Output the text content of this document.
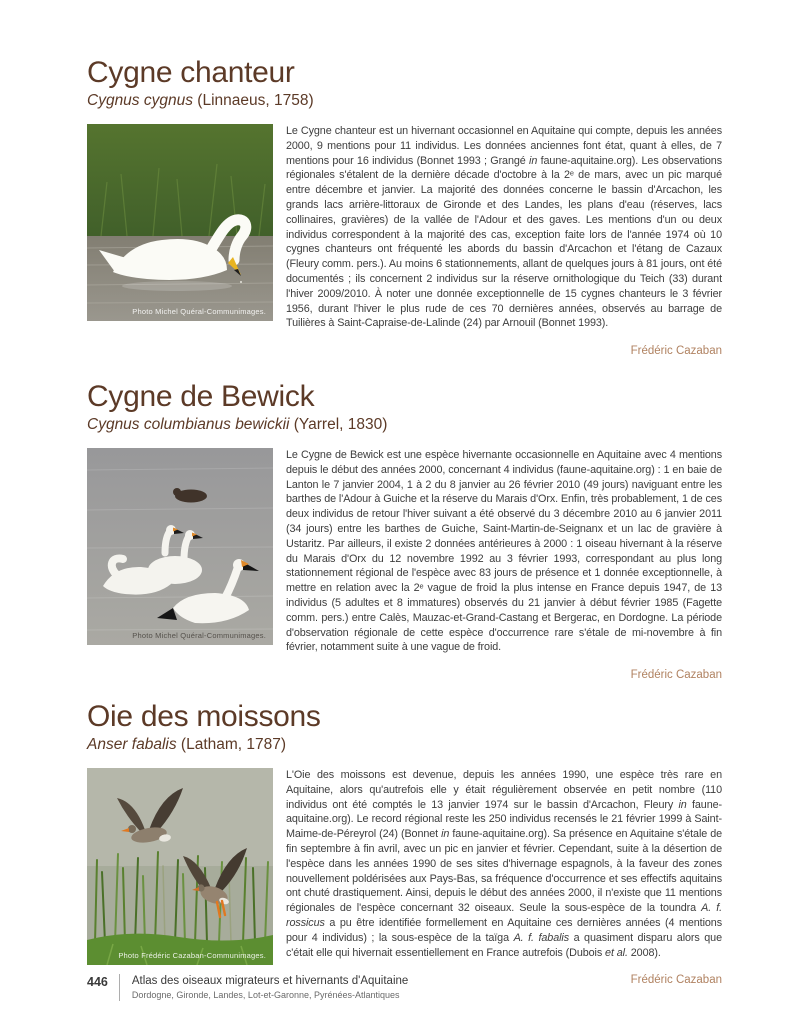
Cygne chanteur

Cygnus cygnus (Linnaeus, 1758)

Photo Michel Quéral-Communimages.

Le Cygne chanteur est un hivernant occasionnel en Aquitaine qui compte, depuis les années 2000, 9 mentions pour 11 individus. Les données anciennes font état, quant à elles, de 7 mentions pour 16 individus (Bonnet 1993 ; Grangé in faune-aquitaine.org). Les observations régionales s'étalent de la dernière décade d'octobre à la 2ᵉ de mars, avec un pic marqué entre décembre et janvier. La majorité des données concerne le bassin d'Arcachon, les grands lacs arrière-littoraux de Gironde et des Landes, les plans d'eau (réserves, lacs collinaires, gravières) de la vallée de l'Adour et des gaves. Les mentions d'un ou deux individus correspondent à la majorité des cas, exception faite lors de l'année 1974 où 10 cygnes chanteurs ont fréquenté les abords du bassin d'Arcachon et l'étang de Cazaux (Fleury comm. pers.). Au moins 6 stationnements, allant de quelques jours à 81 jours, ont été documentés ; ils concernent 2 individus sur la réserve ornithologique du Teich (33) durant l'hiver 2009/2010. À noter une donnée exceptionnelle de 15 cygnes chanteurs le 3 février 1956, durant l'hiver le plus rude de ces 70 dernières années, observés au barrage de Tuilières à Saint-Capraise-de-Lalinde (24) par Arnouil (Bonnet 1993).

Frédéric Cazaban
Cygne de Bewick

Cygnus columbianus bewickii (Yarrel, 1830)

Photo Michel Quéral-Communimages.

Le Cygne de Bewick est une espèce hivernante occasionnelle en Aquitaine avec 4 mentions depuis le début des années 2000, concernant 4 individus (faune-aquitaine.org) : 1 en baie de Lanton le 7 janvier 2004, 1 à 2 du 8 janvier au 26 février 2010 (49 jours) naviguant entre les barthes de l'Adour à Guiche et la réserve du Marais d'Orx. Enfin, très probablement, 1 de ces deux individus de retour l'hiver suivant a été observé du 3 décembre 2010 au 6 janvier 2011 (34 jours) entre les barthes de Guiche, Saint-Martin-de-Seignanx et un lac de gravière à Ustaritz. Par ailleurs, il existe 2 données antérieures à 2000 : 1 oiseau hivernant à la réserve du Marais d'Orx du 12 novembre 1992 au 3 février 1993, correspondant au plus long stationnement régional de l'espèce avec 83 jours de présence et 1 donnée exceptionnelle, à mettre en relation avec la 2ᵉ vague de froid la plus intense en France depuis 1947, de 13 individus (5 adultes et 8 immatures) observés du 21 janvier à début février 1985 (Fagette comm. pers.) entre Calès, Mauzac-et-Grand-Castang et Bergerac, en Dordogne. La période d'observation régionale de cette espèce d'occurrence rare s'étale de mi-novembre à fin février, notamment suite à une vague de froid.

Frédéric Cazaban
Oie des moissons

Anser fabalis (Latham, 1787)

Photo Frédéric Cazaban-Communimages.

L'Oie des moissons est devenue, depuis les années 1990, une espèce très rare en Aquitaine, alors qu'autrefois elle y était régulièrement observée en petit nombre (110 individus ont été comptés le 13 janvier 1974 sur le bassin d'Arcachon, Fleury in faune-aquitaine.org). Le record régional reste les 250 individus recensés le 21 février 1999 à Saint-Maime-de-Péreyrol (24) (Bonnet in faune-aquitaine.org). Sa présence en Aquitaine s'étale de fin septembre à fin avril, avec un pic en janvier et février. Cependant, suite à la désertion de l'espèce dans les années 1990 de ses sites d'hivernage espagnols, à la faveur des zones nouvellement poldérisées aux Pays-Bas, sa fréquence d'occurrence et ses effectifs aquitains ont chuté drastiquement. Ainsi, depuis le début des années 2000, il n'existe que 11 mentions régionales de l'espèce concernant 32 oiseaux. Seule la sous-espèce de la toundra A. f. rossicus a pu être identifiée formellement en Aquitaine ces dernières années (4 mentions pour 4 individus) ; la sous-espèce de la taïga A. f. fabalis a quasiment disparu alors que c'était elle qui hivernait essentiellement en France autrefois (Dubois et al. 2008).

Frédéric Cazaban
446	Atlas des oiseaux migrateurs et hivernants d'Aquitaine
Dordogne, Gironde, Landes, Lot-et-Garonne, Pyrénées-Atlantiques
